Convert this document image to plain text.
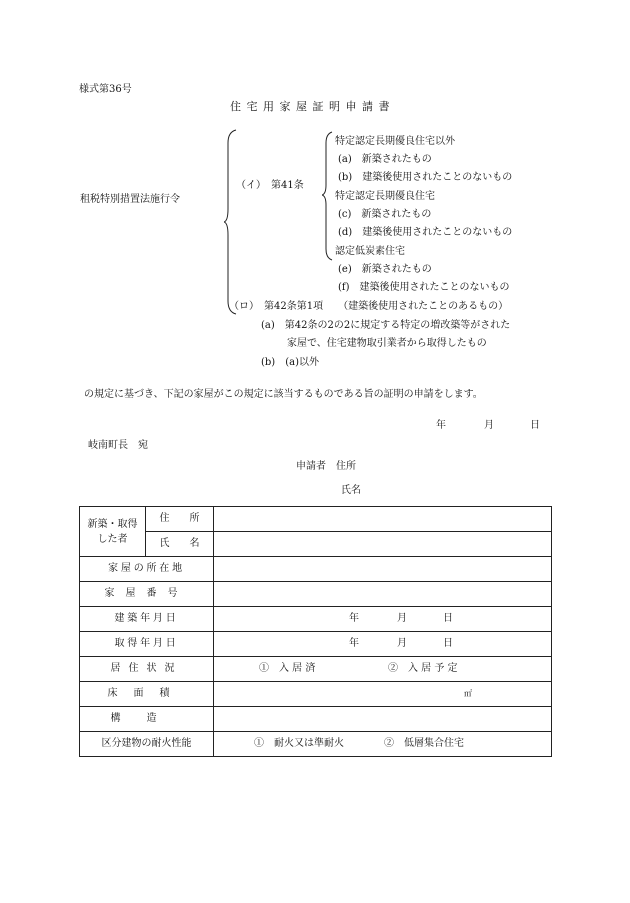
様式第36号
住 宅 用 家 屋 証 明 申 請 書
租税特別措置法施行令
（イ）　第41条
特定認定長期優良住宅以外
(a)　新築されたもの
(b)　建築後使用されたことのないもの
特定認定長期優良住宅
(c)　新築されたもの
(d)　建築後使用されたことのないもの
認定低炭素住宅
(e)　新築されたもの
(f)　建築後使用されたことのないもの
（ロ）　第42条第1項　　（建築後使用されたことのあるもの）
(a)　第42条の2の2に規定する特定の増改築等がされた
家屋で、住宅建物取引業者から取得したもの
(b)　(a)以外
の規定に基づき、下記の家屋がこの規定に該当するものである旨の証明の申請をします。
年	月	日
岐南町長　宛
申請者　住所
氏名
新築・取得した者	住　　所	
	氏　　名	
家屋の所在地		
家屋番号		
建築年月日		年 月 日

取得年月日		年 月 日

居住状況		①　入 居 済 ②　入 居 予 定

床面積		㎡

構造		
区分建物の耐火性能		①　耐火又は準耐火 ②　低層集合住宅
